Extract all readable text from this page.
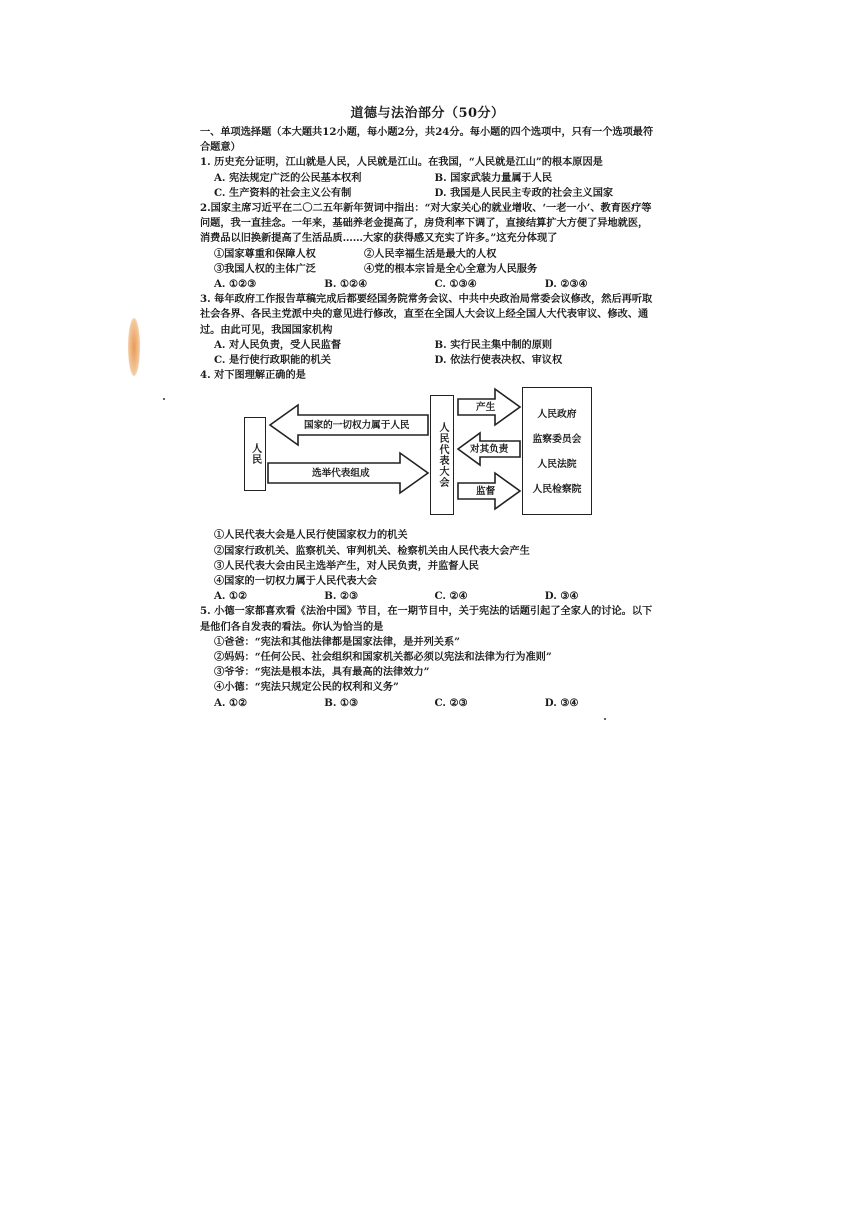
道德与法治部分（50分）

一、单项选择题（本大题共12小题，每小题2分，共24分。每小题的四个选项中，只有一个选项最符合题意）

1. 历史充分证明，江山就是人民，人民就是江山。在我国，“人民就是江山”的根本原因是

A. 宪法规定广泛的公民基本权利	B. 国家武装力量属于人民
C. 生产资料的社会主义公有制	D. 我国是人民民主专政的社会主义国家

2.国家主席习近平在二〇二五年新年贺词中指出：“对大家关心的就业增收、‘一老一小’、教育医疗等问题，我一直挂念。一年来，基础养老金提高了，房贷利率下调了，直接结算扩大方便了异地就医，消费品以旧换新提高了生活品质……大家的获得感又充实了许多。”这充分体现了

①国家尊重和保障人权	②人民幸福生活是最大的人权
③我国人权的主体广泛	④党的根本宗旨是全心全意为人民服务
A. ①②③	B. ①②④	C. ①③④	D. ②③④

3. 每年政府工作报告草稿完成后都要经国务院常务会议、中共中央政治局常委会议修改，然后再听取社会各界、各民主党派中央的意见进行修改，直至在全国人大会议上经全国人大代表审议、修改、通过。由此可见，我国国家机构

A. 对人民负责，受人民监督	B. 实行民主集中制的原则
C. 是行使行政职能的机关	D. 依法行使表决权、审议权

4. 对下图理解正确的是

人民
国家的一切权力属于人民
选举代表组成	人民代表大会
产生
对其负责
监督
人民政府
监察委员会
人民法院
人民检察院
①人民代表大会是人民行使国家权力的机关
②国家行政机关、监察机关、审判机关、检察机关由人民代表大会产生
③人民代表大会由民主选举产生，对人民负责，并监督人民
④国家的一切权力属于人民代表大会
A. ①②	B. ②③	C. ②④	D. ③④

5. 小德一家都喜欢看《法治中国》节目，在一期节目中，关于宪法的话题引起了全家人的讨论。以下是他们各自发表的看法。你认为恰当的是

①爸爸：“宪法和其他法律都是国家法律，是并列关系”
②妈妈：“任何公民、社会组织和国家机关都必须以宪法和法律为行为准则”
③爷爷：“宪法是根本法，具有最高的法律效力”
④小德：“宪法只规定公民的权利和义务”
A. ①②	B. ①③	C. ②③	D. ③④
